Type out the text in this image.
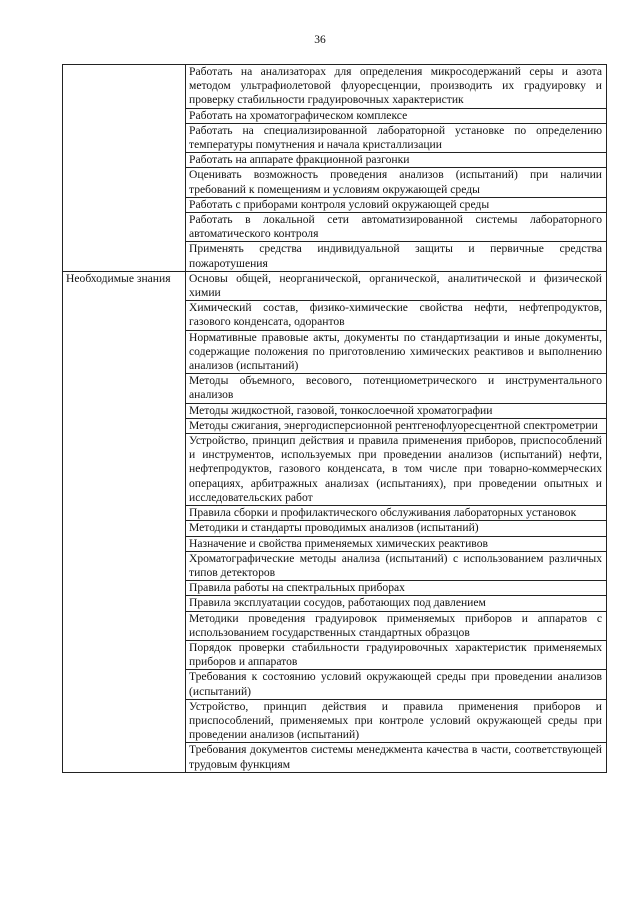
36
	Работать на анализаторах для определения микросодержаний серы и азота методом ультрафиолетовой флуоресценции, производить их градуировку и проверку стабильности градуировочных характеристик
	Работать на хроматографическом комплексе
	Работать на специализированной лабораторной установке по определению температуры помутнения и начала кристаллизации
	Работать на аппарате фракционной разгонки
	Оценивать возможность проведения анализов (испытаний) при наличии требований к помещениям и условиям окружающей среды
	Работать с приборами контроля условий окружающей среды
	Работать в локальной сети автоматизированной системы лабораторного автоматического контроля
	Применять средства индивидуальной защиты и первичные средства пожаротушения
Необходимые знания	Основы общей, неорганической, органической, аналитической и физической химии
	Химический состав, физико-химические свойства нефти, нефтепродуктов, газового конденсата, одорантов
	Нормативные правовые акты, документы по стандартизации и иные документы, содержащие положения по приготовлению химических реактивов и выполнению анализов (испытаний)
	Методы объемного, весового, потенциометрического и инструментального анализов
	Методы жидкостной, газовой, тонкослоечной хроматографии
	Методы сжигания, энергодисперсионной рентгенофлуоресцентной спектрометрии
	Устройство, принцип действия и правила применения приборов, приспособлений и инструментов, используемых при проведении анализов (испытаний) нефти, нефтепродуктов, газового конденсата, в том числе при товарно-коммерческих операциях, арбитражных анализах (испытаниях), при проведении опытных и исследовательских работ
	Правила сборки и профилактического обслуживания лабораторных установок
	Методики и стандарты проводимых анализов (испытаний)
	Назначение и свойства применяемых химических реактивов
	Хроматографические методы анализа (испытаний) с использованием различных типов детекторов
	Правила работы на спектральных приборах
	Правила эксплуатации сосудов, работающих под давлением
	Методики проведения градуировок применяемых приборов и аппаратов с использованием государственных стандартных образцов
	Порядок проверки стабильности градуировочных характеристик применяемых приборов и аппаратов
	Требования к состоянию условий окружающей среды при проведении анализов (испытаний)
	Устройство, принцип действия и правила применения приборов и приспособлений, применяемых при контроле условий окружающей среды при проведении анализов (испытаний)
	Требования документов системы менеджмента качества в части, соответствующей трудовым функциям
